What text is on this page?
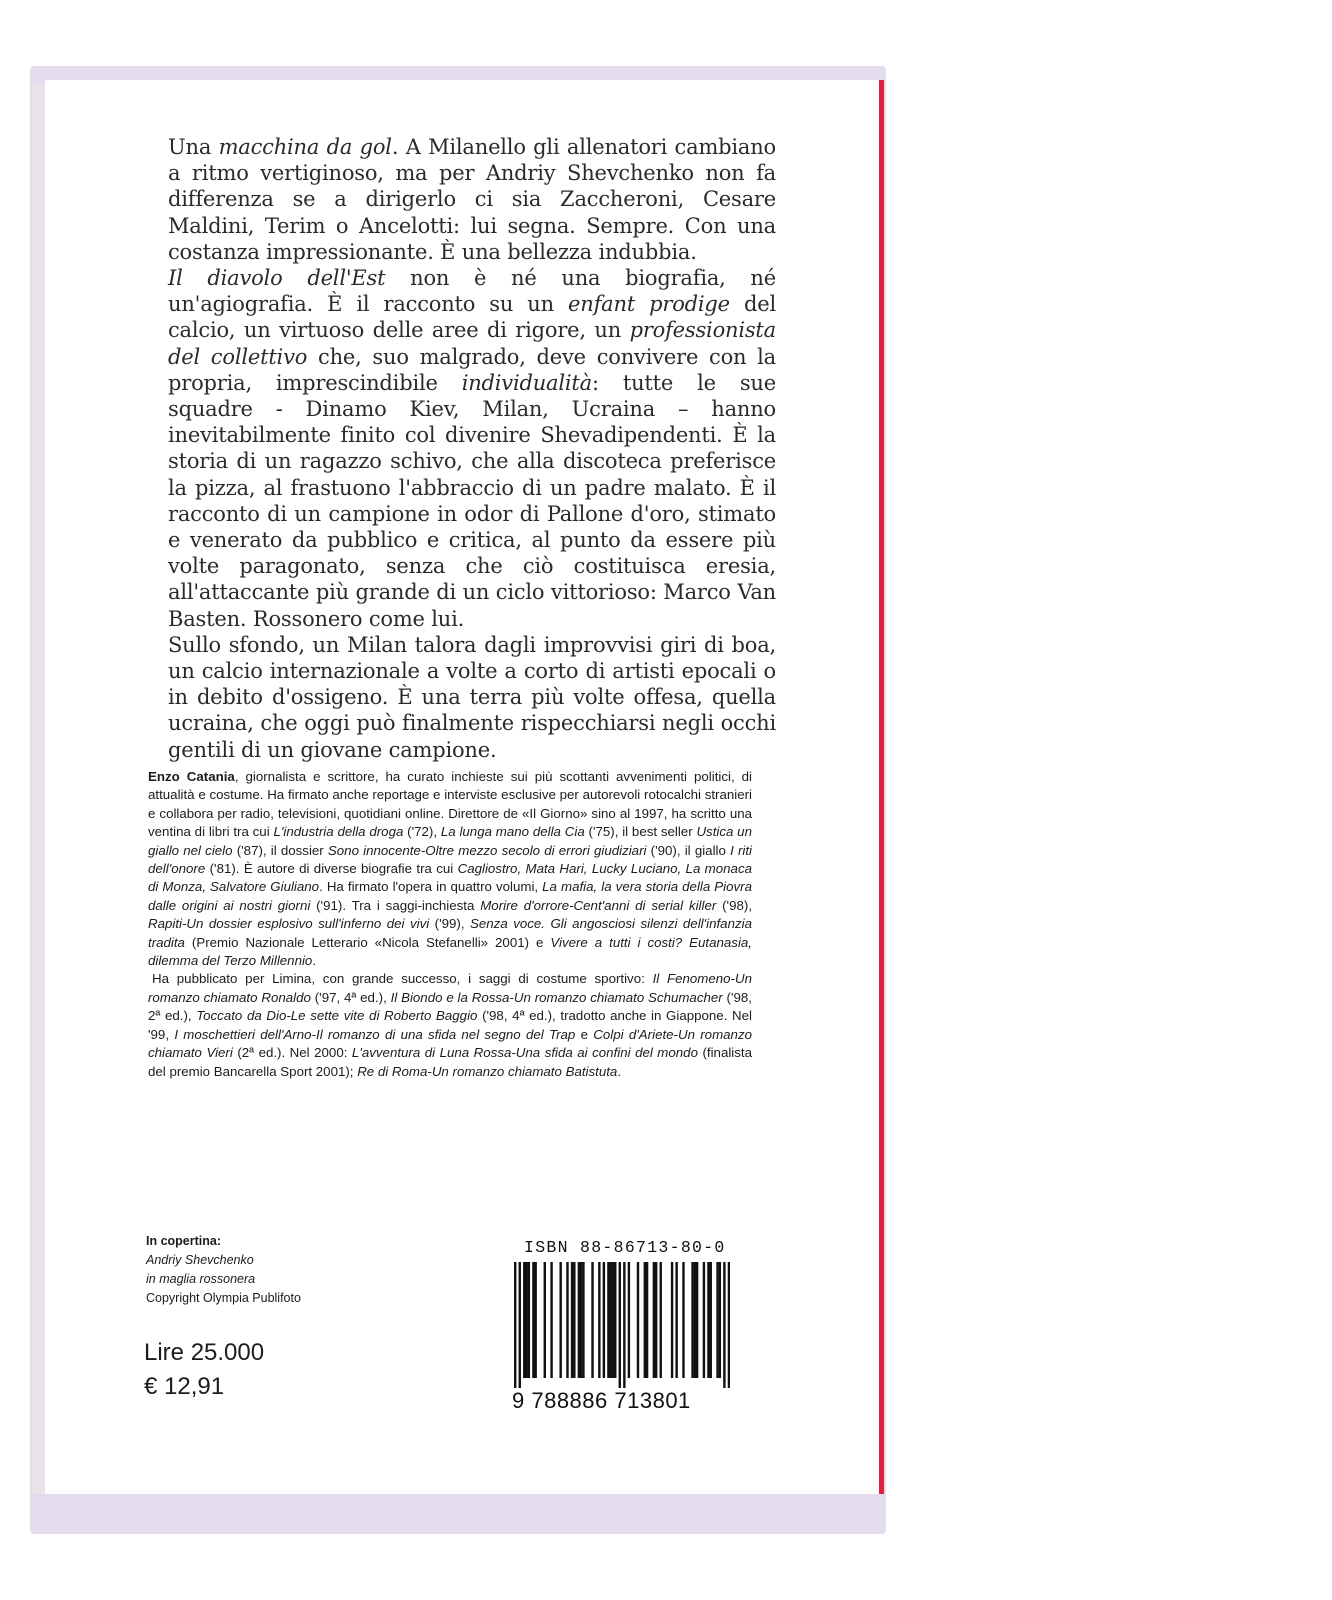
Una macchina da gol. A Milanello gli allenatori cambiano a ritmo vertiginoso, ma per Andriy Shevchenko non fa differenza se a dirigerlo ci sia Zaccheroni, Cesare Maldini, Terim o Ancelotti: lui segna. Sempre. Con una costanza impressionante. È una bellezza indubbia.

Il diavolo dell'Est non è né una biografia, né un'agiografia. È il racconto su un enfant prodige del calcio, un virtuoso delle aree di rigore, un professionista del collettivo che, suo malgrado, deve convivere con la propria, imprescindibile individualità: tutte le sue squadre - Dinamo Kiev, Milan, Ucraina – hanno inevitabilmente finito col divenire Shevadipendenti. È la storia di un ragazzo schivo, che alla discoteca preferisce la pizza, al frastuono l'abbraccio di un padre malato. È il racconto di un campione in odor di Pallone d'oro, stimato e venerato da pubblico e critica, al punto da essere più volte paragonato, senza che ciò costituisca eresia, all'attaccante più grande di un ciclo vittorioso: Marco Van Basten. Rossonero come lui.

Sullo sfondo, un Milan talora dagli improvvisi giri di boa, un calcio internazionale a volte a corto di artisti epocali o in debito d'ossigeno. È una terra più volte offesa, quella ucraina, che oggi può finalmente rispecchiarsi negli occhi gentili di un giovane campione.

Enzo Catania, giornalista e scrittore, ha curato inchieste sui più scottanti avvenimenti politici, di attualità e costume. Ha firmato anche reportage e interviste esclusive per autorevoli rotocalchi stranieri e collabora per radio, televisioni, quotidiani online. Direttore de «Il Giorno» sino al 1997, ha scritto una ventina di libri tra cui L'industria della droga ('72), La lunga mano della Cia ('75), il best seller Ustica un giallo nel cielo ('87), il dossier Sono innocente-Oltre mezzo secolo di errori giudiziari ('90), il giallo I riti dell'onore ('81). È autore di diverse biografie tra cui Cagliostro, Mata Hari, Lucky Luciano, La monaca di Monza, Salvatore Giuliano. Ha firmato l'opera in quattro volumi, La mafia, la vera storia della Piovra dalle origini ai nostri giorni ('91). Tra i saggi-inchiesta Morire d'orrore-Cent'anni di serial killer ('98), Rapiti-Un dossier esplosivo sull'inferno dei vivi ('99), Senza voce. Gli angosciosi silenzi dell'infanzia tradita (Premio Nazionale Letterario «Nicola Stefanelli» 2001) e Vivere a tutti i costi? Eutanasia, dilemma del Terzo Millennio.

Ha pubblicato per Limina, con grande successo, i saggi di costume sportivo: Il Fenomeno-Un romanzo chiamato Ronaldo ('97, 4ª ed.), Il Biondo e la Rossa-Un romanzo chiamato Schumacher ('98, 2ª ed.), Toccato da Dio-Le sette vite di Roberto Baggio ('98, 4ª ed.), tradotto anche in Giappone. Nel '99, I moschettieri dell'Arno-Il romanzo di una sfida nel segno del Trap e Colpi d'Ariete-Un romanzo chiamato Vieri (2ª ed.). Nel 2000: L'avventura di Luna Rossa-Una sfida ai confini del mondo (finalista del premio Bancarella Sport 2001); Re di Roma-Un romanzo chiamato Batistuta.

In copertina:
Andriy Shevchenko
in maglia rossonera
Copyright Olympia Publifoto
Lire 25.000
€ 12,91
ISBN 88-86713-80-0
9 788886 713801
